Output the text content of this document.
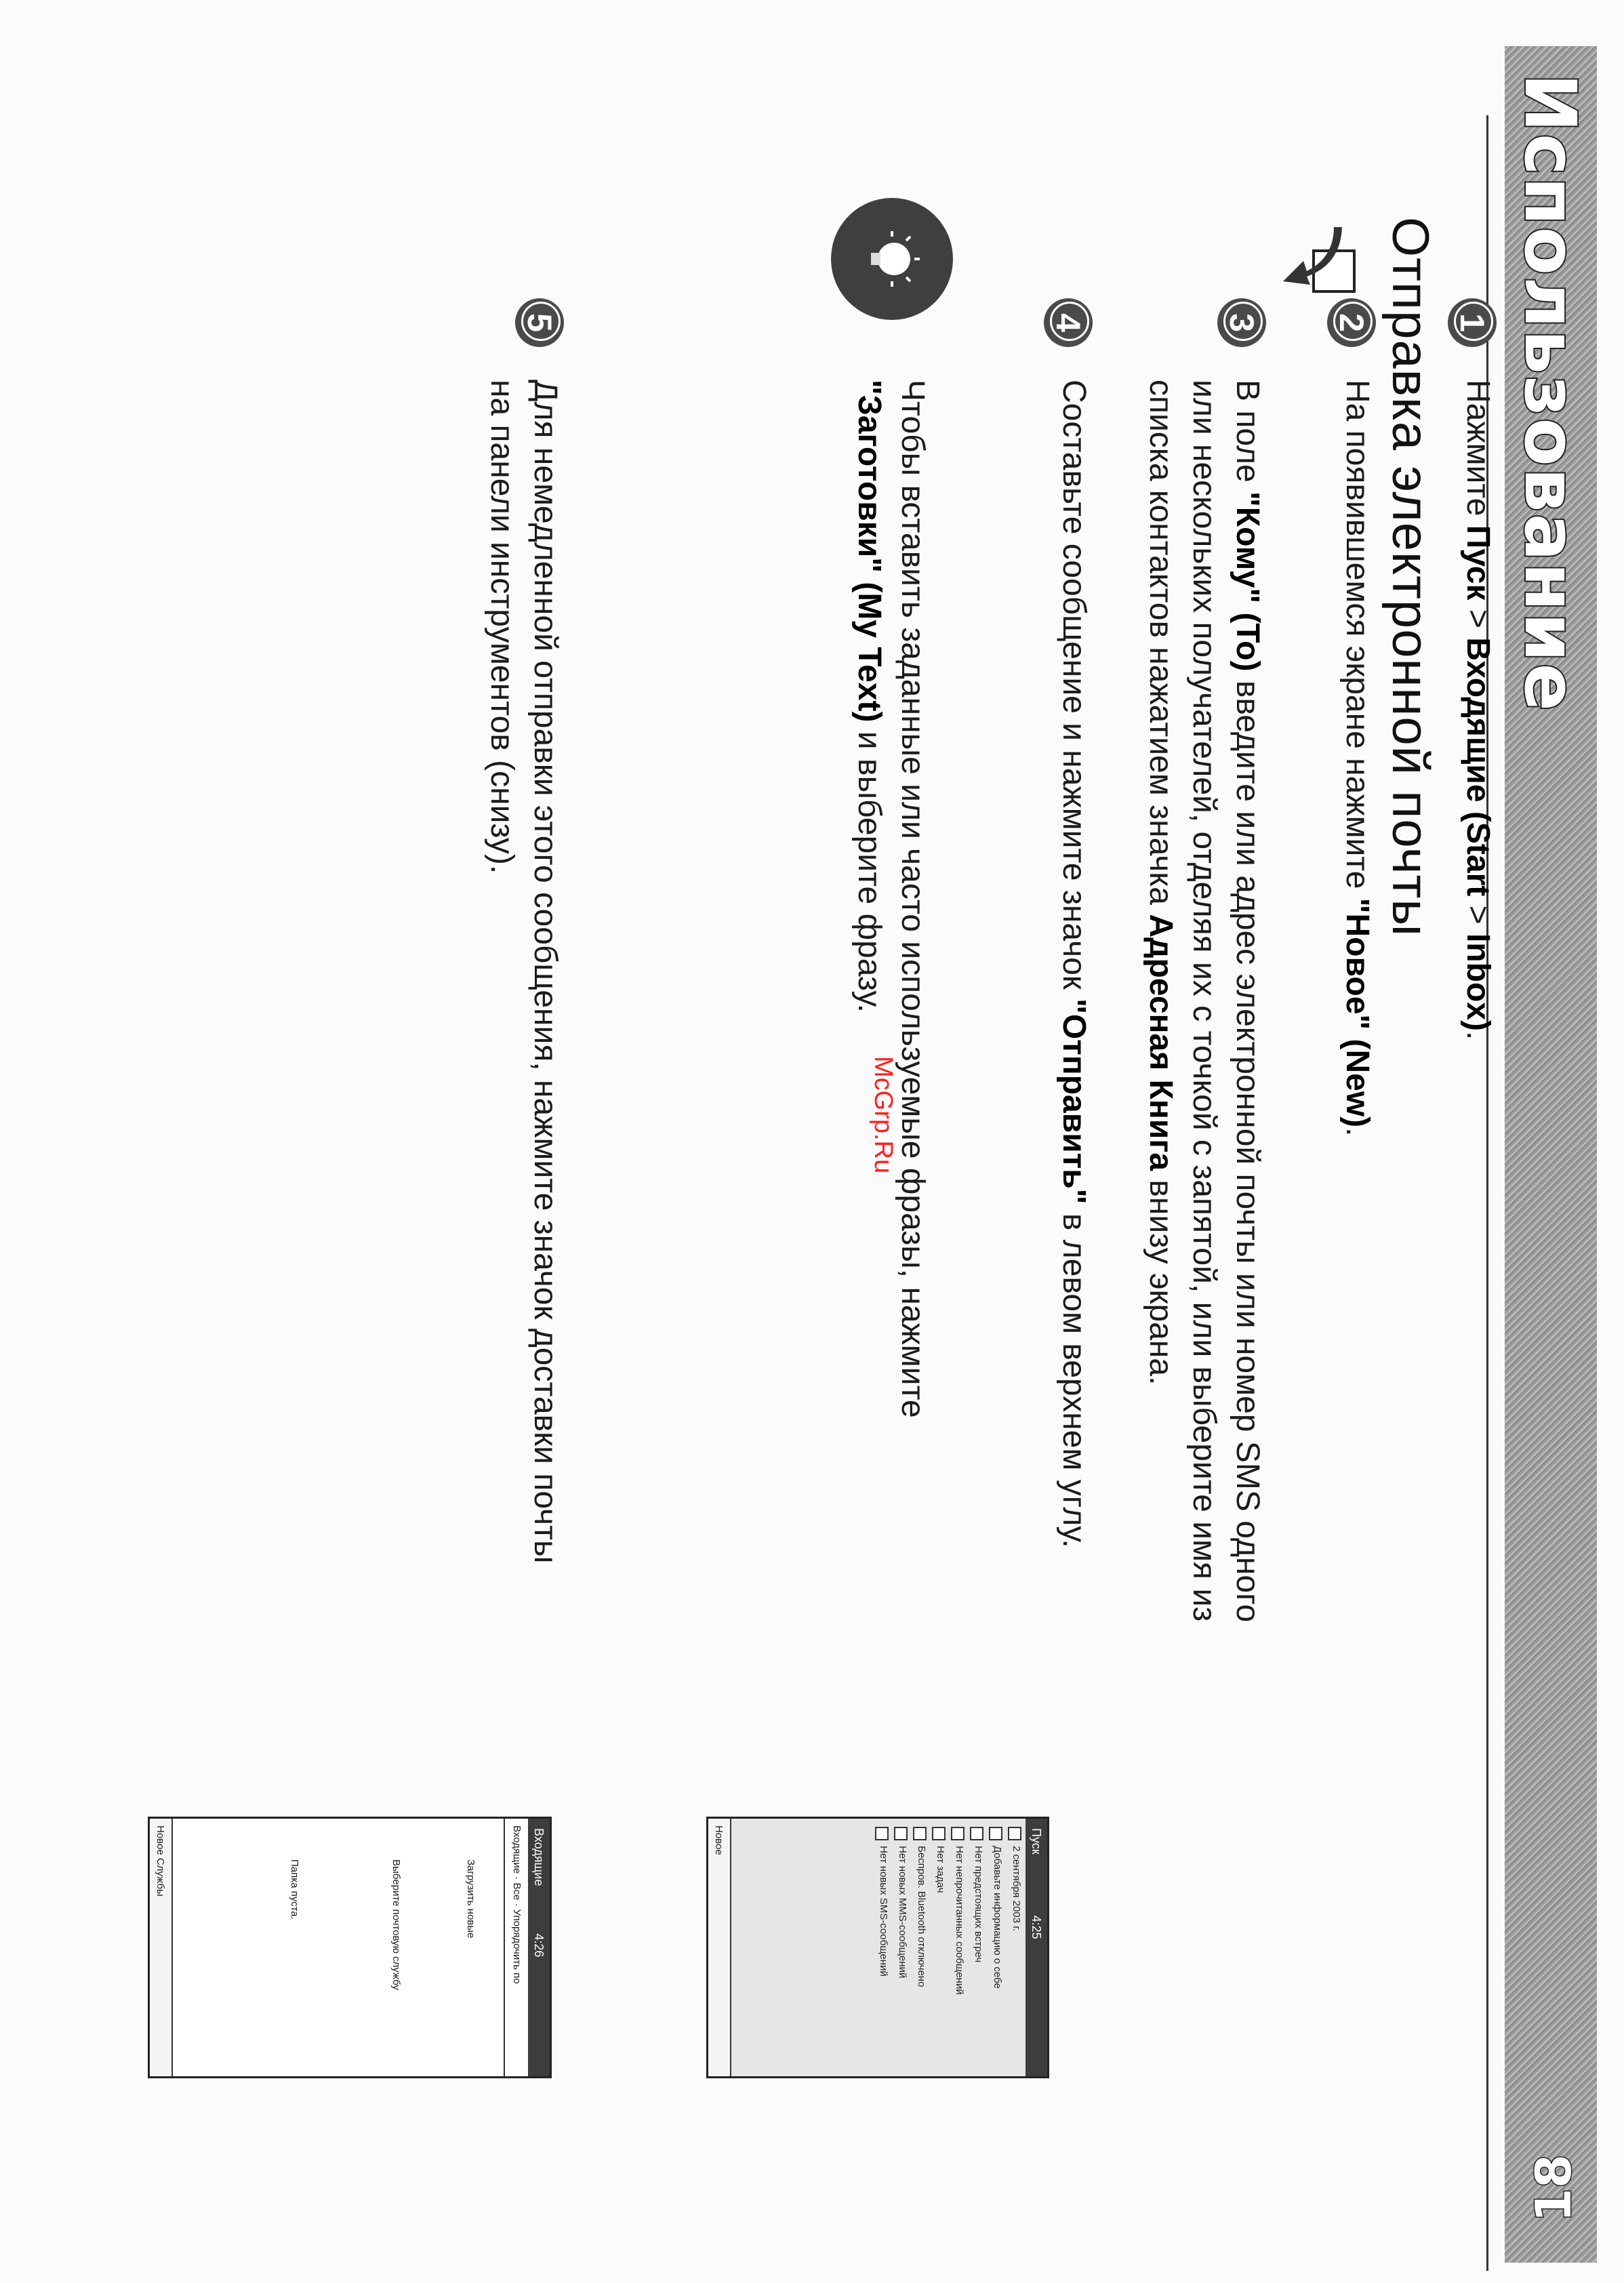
Использование
18
Отправка электронной почты 1
Нажмите Пуск > Входящие (Start > Inbox).
2
На появившемся экране нажмите "Новое" (New).
3
В поле "Кому" (To) введите или адрес электронной почты или номер SMS одного
или нескольких получателей, отделяя их с точкой с запятой, или выберите имя из
списка контактов нажатием значка Адресная Книга внизу экрана.
4
Составьте сообщение и нажмите значок "Отправить" в левом верхнем углу.
Чтобы вставить заданные или часто используемые фразы, нажмите
"Заготовки" (My Text) и выберите фразу.
McGrp.Ru
5
Для немедленной отправки этого сообщения, нажмите значок доставки почты
на панели инструментов (снизу).
Пуск                  4:25
2 сентября 2003 г.
Добавьте информацию о себе
Нет предстоящих встреч
Нет непрочитанных сообщений
Нет задач
Беспров. Bluetooth отключено
Нет новых MMS-сообщений
Нет новых SMS-сообщений
Новое
Входящие              4:26
Входящие · Все · Упорядочить по
Загрузить новые
Выберите почтовую службу
Папка пуста.
Новое Службы
